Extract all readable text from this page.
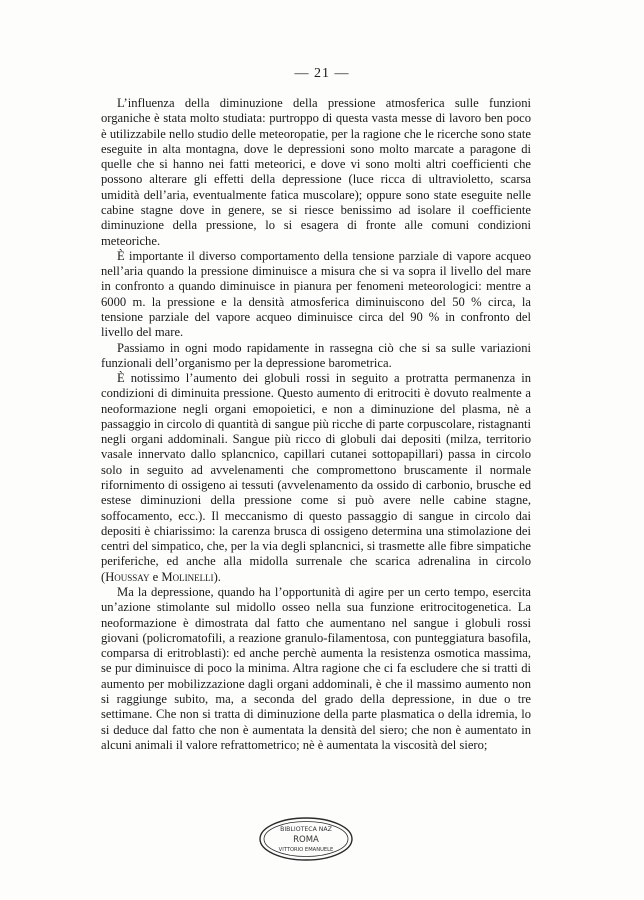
— 21 —

L’influenza della diminuzione della pressione atmosferica sulle funzioni organiche è stata molto studiata: purtroppo di questa vasta messe di lavoro ben poco è utilizzabile nello studio delle meteoropatie, per la ragione che le ricerche sono state eseguite in alta montagna, dove le depressioni sono molto marcate a paragone di quelle che si hanno nei fatti meteorici, e dove vi sono molti altri coefficienti che possono alterare gli effetti della depressione (luce ricca di ultravioletto, scarsa umidità dell’aria, eventualmente fatica muscolare); oppure sono state eseguite nelle cabine stagne dove in genere, se si riesce benissimo ad isolare il coefficiente diminuzione della pressione, lo si esagera di fronte alle comuni condizioni meteoriche.

È importante il diverso comportamento della tensione parziale di vapore acqueo nell’aria quando la pressione diminuisce a misura che si va sopra il livello del mare in confronto a quando diminuisce in pianura per fenomeni meteorologici: mentre a 6000 m. la pressione e la densità atmosferica diminuiscono del 50 % circa, la tensione parziale del vapore acqueo diminuisce circa del 90 % in confronto del livello del mare.

Passiamo in ogni modo rapidamente in rassegna ciò che si sa sulle variazioni funzionali dell’organismo per la depressione barometrica.

È notissimo l’aumento dei globuli rossi in seguito a protratta permanenza in condizioni di diminuita pressione. Questo aumento di eritrociti è dovuto realmente a neoformazione negli organi emopoietici, e non a diminuzione del plasma, nè a passaggio in circolo di quantità di sangue più ricche di parte corpuscolare, ristagnanti negli organi addominali. Sangue più ricco di globuli dai depositi (milza, territorio vasale innervato dallo splancnico, capillari cutanei sottopapillari) passa in circolo solo in seguito ad avvelenamenti che compromettono bruscamente il normale rifornimento di ossigeno ai tessuti (avvelenamento da ossido di carbonio, brusche ed estese diminuzioni della pressione come si può avere nelle cabine stagne, soffocamento, ecc.). Il meccanismo di questo passaggio di sangue in circolo dai depositi è chiarissimo: la carenza brusca di ossigeno determina una stimolazione dei centri del simpatico, che, per la via degli splancnici, si trasmette alle fibre simpatiche periferiche, ed anche alla midolla surrenale che scarica adrenalina in circolo (Houssay e Molinelli).

Ma la depressione, quando ha l’opportunità di agire per un certo tempo, esercita un’azione stimolante sul midollo osseo nella sua funzione eritrocitogenetica. La neoformazione è dimostrata dal fatto che aumentano nel sangue i globuli rossi giovani (policromatofili, a reazione granulo-filamentosa, con punteggiatura basofila, comparsa di eritroblasti): ed anche perchè aumenta la resistenza osmotica massima, se pur diminuisce di poco la minima. Altra ragione che ci fa escludere che si tratti di aumento per mobilizzazione dagli organi addominali, è che il massimo aumento non si raggiunge subito, ma, a seconda del grado della depressione, in due o tre settimane. Che non si tratta di diminuzione della parte plasmatica o della idremia, lo si deduce dal fatto che non è aumentata la densità del siero; che non è aumentato in alcuni animali il valore refrattometrico; nè è aumentata la viscosità del siero;

BIBLIOTECA NAZ
ROMA
VITTORIO EMANUELE
